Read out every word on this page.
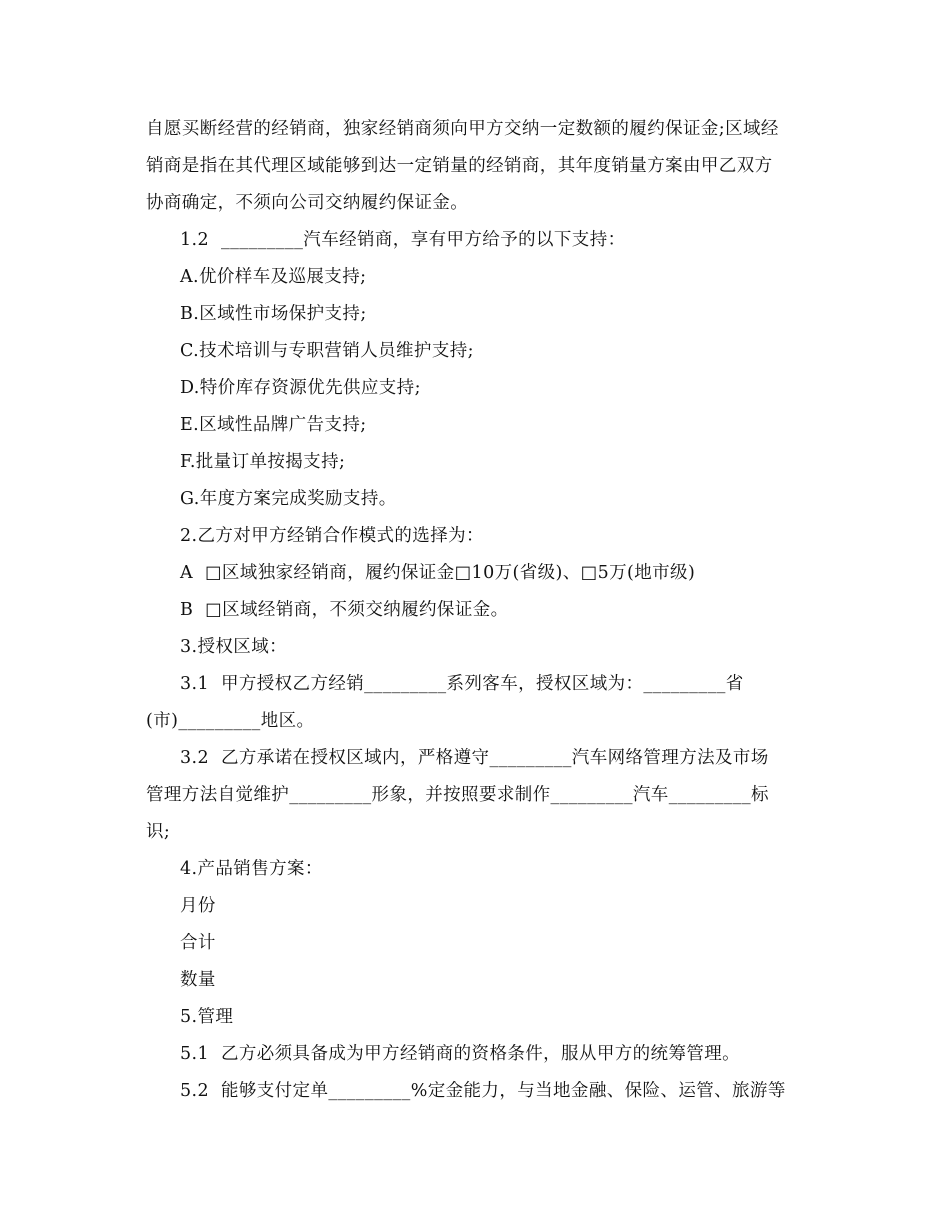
自愿买断经营的经销商，独家经销商须向甲方交纳一定数额的履约保证金;区域经
销商是指在其代理区域能够到达一定销量的经销商，其年度销量方案由甲乙双方
协商确定，不须向公司交纳履约保证金。
1.2  _________汽车经销商，享有甲方给予的以下支持：
A.优价样车及巡展支持;
B.区域性市场保护支持;
C.技术培训与专职营销人员维护支持;
D.特价库存资源优先供应支持;
E.区域性品牌广告支持;
F.批量订单按揭支持;
G.年度方案完成奖励支持。
2.乙方对甲方经销合作模式的选择为：
A  □区域独家经销商，履约保证金□10万(省级)、□5万(地市级)
B  □区域经销商，不须交纳履约保证金。
3.授权区域：
3.1  甲方授权乙方经销_________系列客车，授权区域为：_________省
(市)_________地区。
3.2  乙方承诺在授权区域内，严格遵守_________汽车网络管理方法及市场
管理方法自觉维护_________形象，并按照要求制作_________汽车_________标
识;
4.产品销售方案：
月份
合计
数量
5.管理
5.1  乙方必须具备成为甲方经销商的资格条件，服从甲方的统筹管理。
5.2  能够支付定单_________%定金能力，与当地金融、保险、运管、旅游等
